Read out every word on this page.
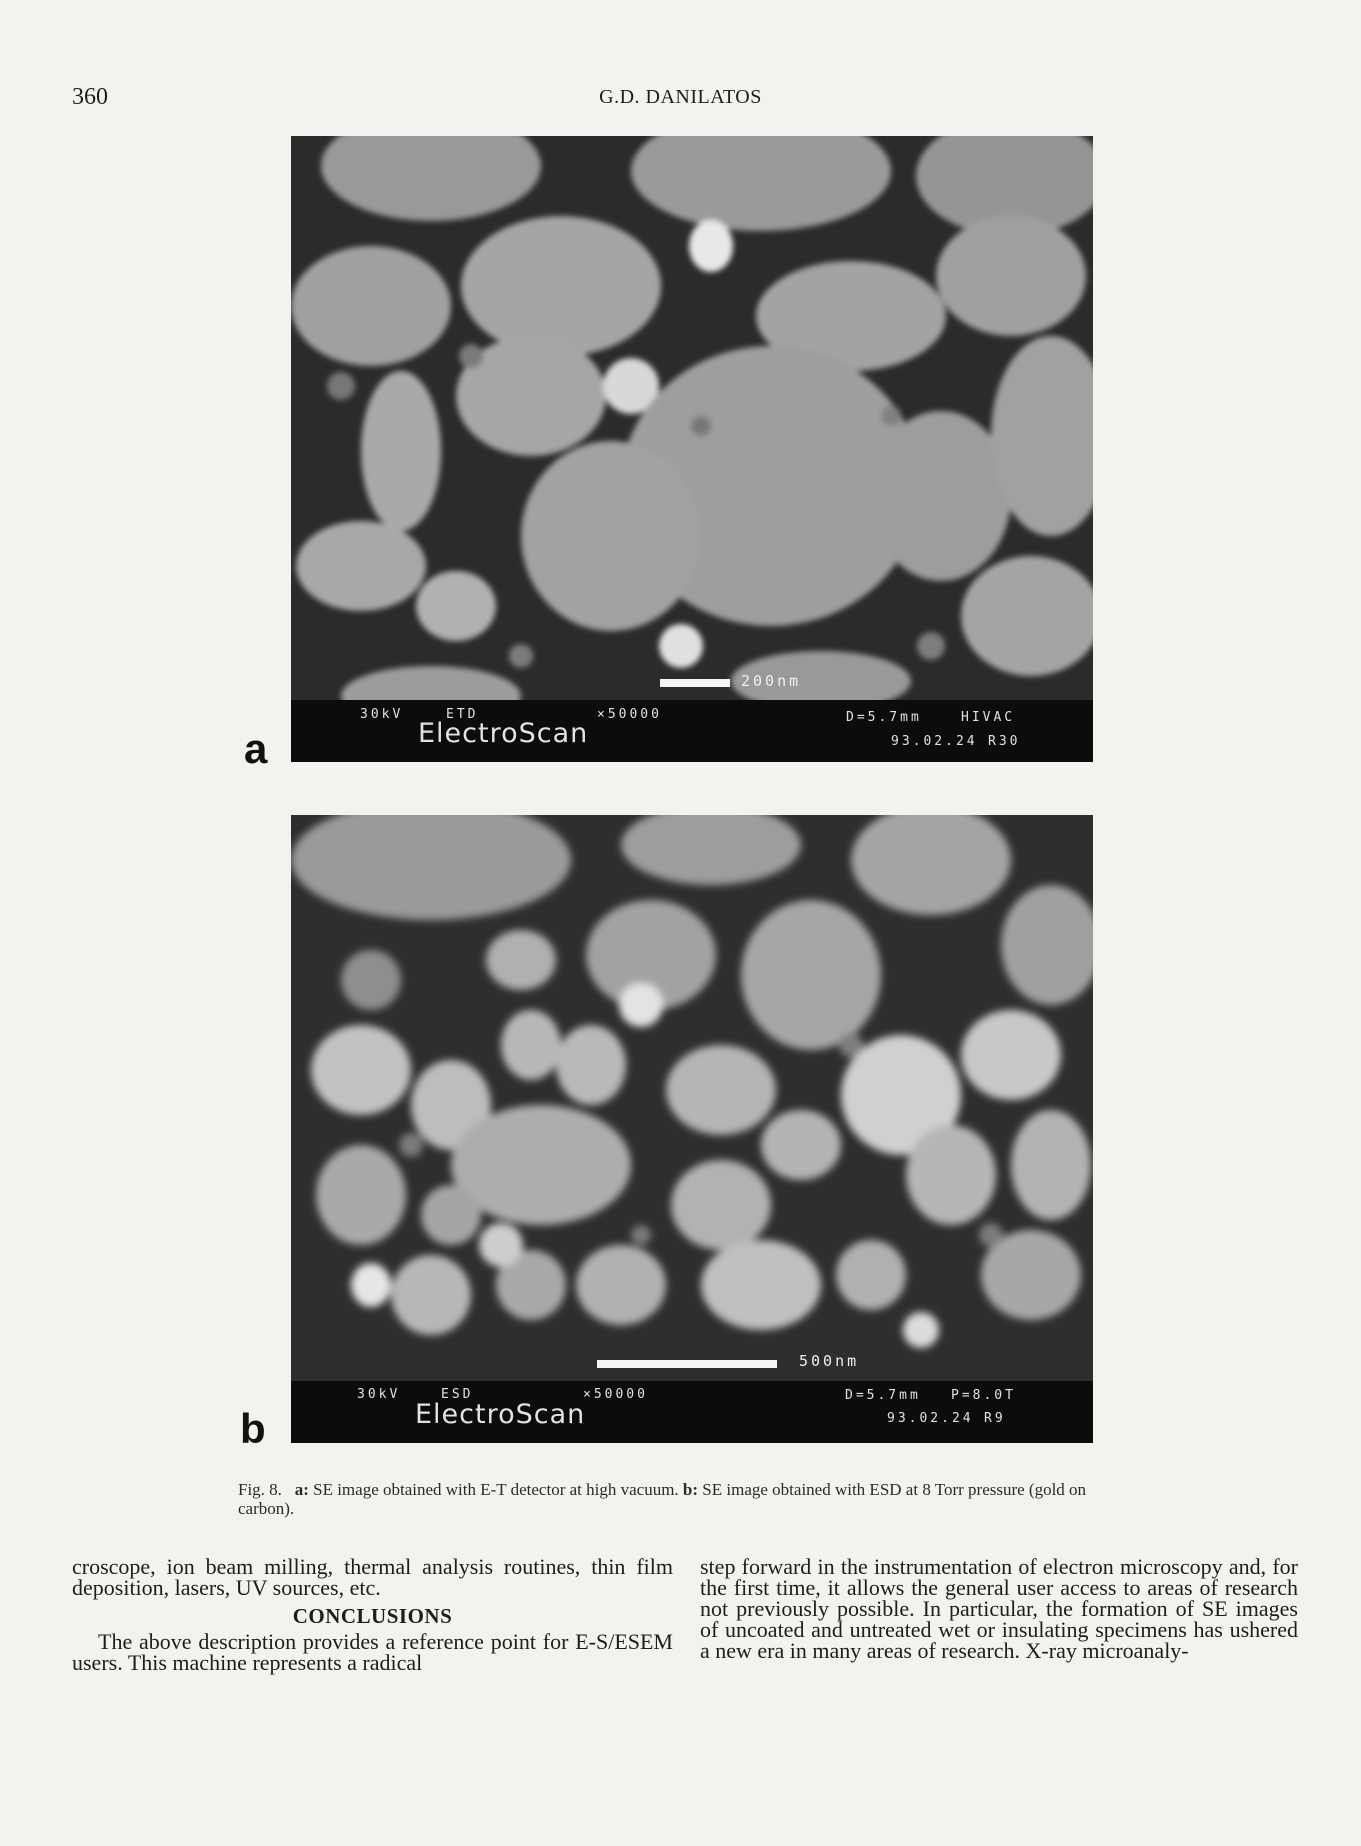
360	G.D. DANILATOS
200nm
30kV	ETD	×50000
ElectroScan
D=5.7mm	HIVAC
93.02.24 R30
a
500nm
30kV	ESD	×50000
ElectroScan
D=5.7mm P=8.0T
93.02.24 R9
b
Fig. 8. a: SE image obtained with E-T detector at high vacuum. b: SE image obtained with ESD at 8 Torr pressure (gold on carbon).

croscope, ion beam milling, thermal analysis routines, thin film deposition, lasers, UV sources, etc.

CONCLUSIONS

The above description provides a reference point for E-S/ESEM users. This machine represents a radical

step forward in the instrumentation of electron microscopy and, for the first time, it allows the general user access to areas of research not previously possible. In particular, the formation of SE images of uncoated and untreated wet or insulating specimens has ushered a new era in many areas of research. X-ray microanaly-
